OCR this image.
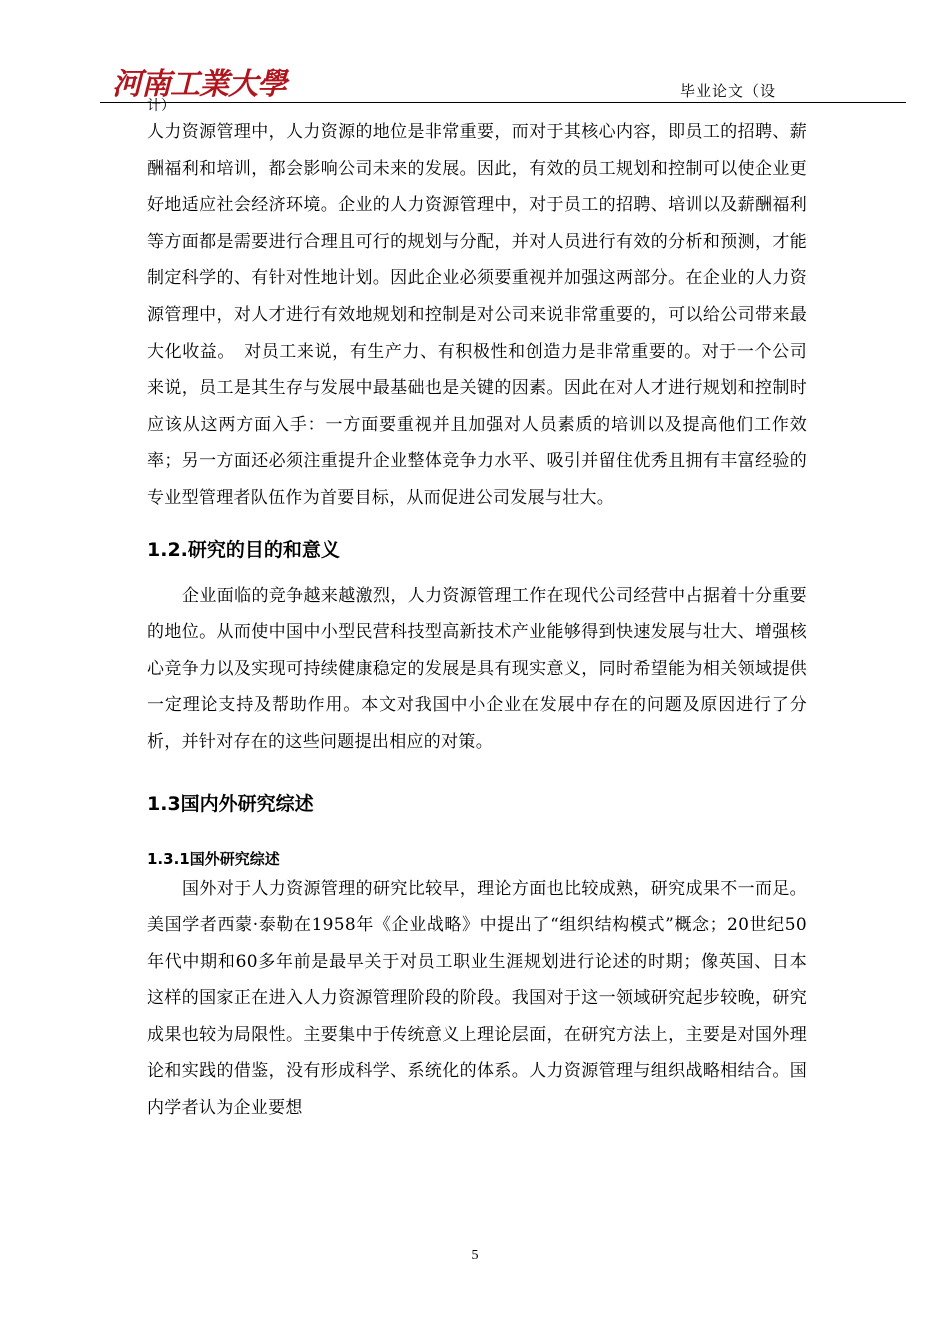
河南工業大學	毕业论文（设
计）

人力资源管理中，人力资源的地位是非常重要，而对于其核心内容，即员工的招聘、薪酬福利和培训，都会影响公司未来的发展。因此，有效的员工规划和控制可以使企业更好地适应社会经济环境。企业的人力资源管理中，对于员工的招聘、培训以及薪酬福利等方面都是需要进行合理且可行的规划与分配，并对人员进行有效的分析和预测，才能制定科学的、有针对性地计划。因此企业必须要重视并加强这两部分。在企业的人力资源管理中，对人才进行有效地规划和控制是对公司来说非常重要的，可以给公司带来最大化收益。　对员工来说，有生产力、有积极性和创造力是非常重要的。对于一个公司来说，员工是其生存与发展中最基础也是关键的因素。因此在对人才进行规划和控制时应该从这两方面入手：一方面要重视并且加强对人员素质的培训以及提高他们工作效率；另一方面还必须注重提升企业整体竞争力水平、吸引并留住优秀且拥有丰富经验的专业型管理者队伍作为首要目标，从而促进公司发展与壮大。

1.2.研究的目的和意义

企业面临的竞争越来越激烈，人力资源管理工作在现代公司经营中占据着十分重要的地位。从而使中国中小型民营科技型高新技术产业能够得到快速发展与壮大、增强核心竞争力以及实现可持续健康稳定的发展是具有现实意义，同时希望能为相关领域提供一定理论支持及帮助作用。本文对我国中小企业在发展中存在的问题及原因进行了分析，并针对存在的这些问题提出相应的对策。

1.3国内外研究综述
1.3.1国外研究综述

国外对于人力资源管理的研究比较早，理论方面也比较成熟，研究成果不一而足。美国学者西蒙·泰勒在1958年《企业战略》中提出了“组织结构模式”概念；20世纪50年代中期和60多年前是最早关于对员工职业生涯规划进行论述的时期；像英国、日本这样的国家正在进入人力资源管理阶段的阶段。我国对于这一领域研究起步较晚，研究成果也较为局限性。主要集中于传统意义上理论层面，在研究方法上，主要是对国外理论和实践的借鉴，没有形成科学、系统化的体系。人力资源管理与组织战略相结合。国内学者认为企业要想

5
